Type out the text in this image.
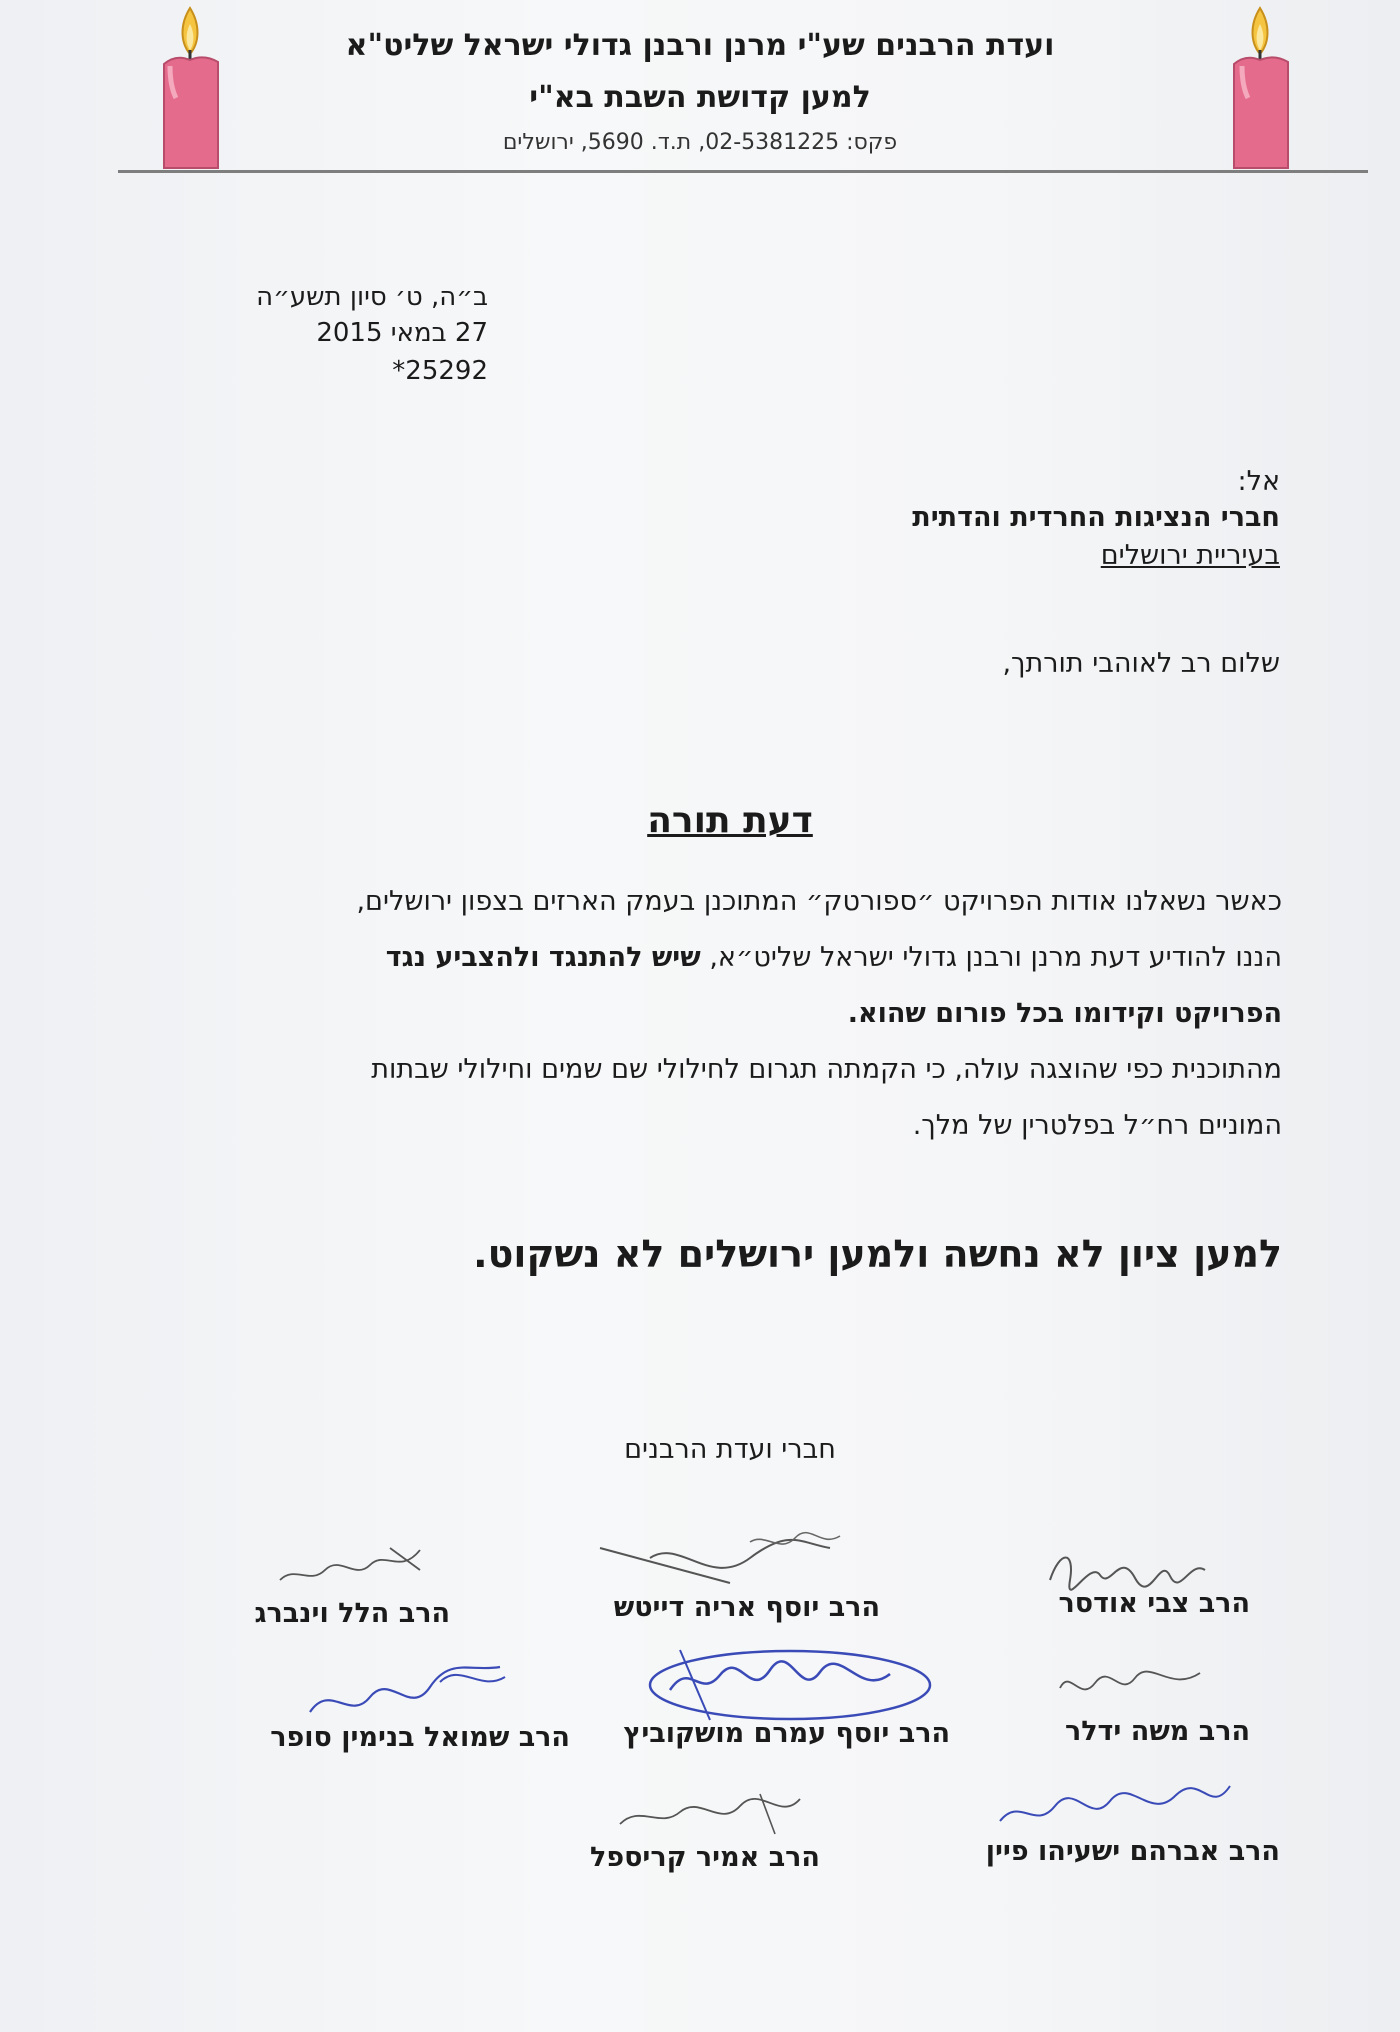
ועדת הרבנים שע"י מרנן ורבנן גדולי ישראל שליט"א
למען קדושת השבת בא"י
פקס: 02-5381225, ת.ד. 5690, ירושלים
ב״ה, ט׳ סיון תשע״ה
27 במאי 2015
25292*
אל:
חברי הנציגות החרדית והדתית
בעיריית ירושלים
שלום רב לאוהבי תורתך,
דעת תורה
כאשר נשאלנו אודות הפרויקט ״ספורטק״ המתוכנן בעמק הארזים בצפון ירושלים,
הננו להודיע דעת מרנן ורבנן גדולי ישראל שליט״א, שיש להתנגד ולהצביע נגד
הפרויקט וקידומו בכל פורום שהוא.
מהתוכנית כפי שהוצגה עולה, כי הקמתה תגרום לחילולי שם שמים וחילולי שבתות
המוניים רח״ל בפלטרין של מלך.
למען ציון לא נחשה ולמען ירושלים לא נשקוט.
חברי ועדת הרבנים
הרב צבי אודסר
הרב יוסף אריה דייטש
הרב הלל וינברג
הרב משה ידלר
הרב יוסף עמרם מושקוביץ
הרב שמואל בנימין סופר
הרב אברהם ישעיהו פיין
הרב אמיר קריספל
